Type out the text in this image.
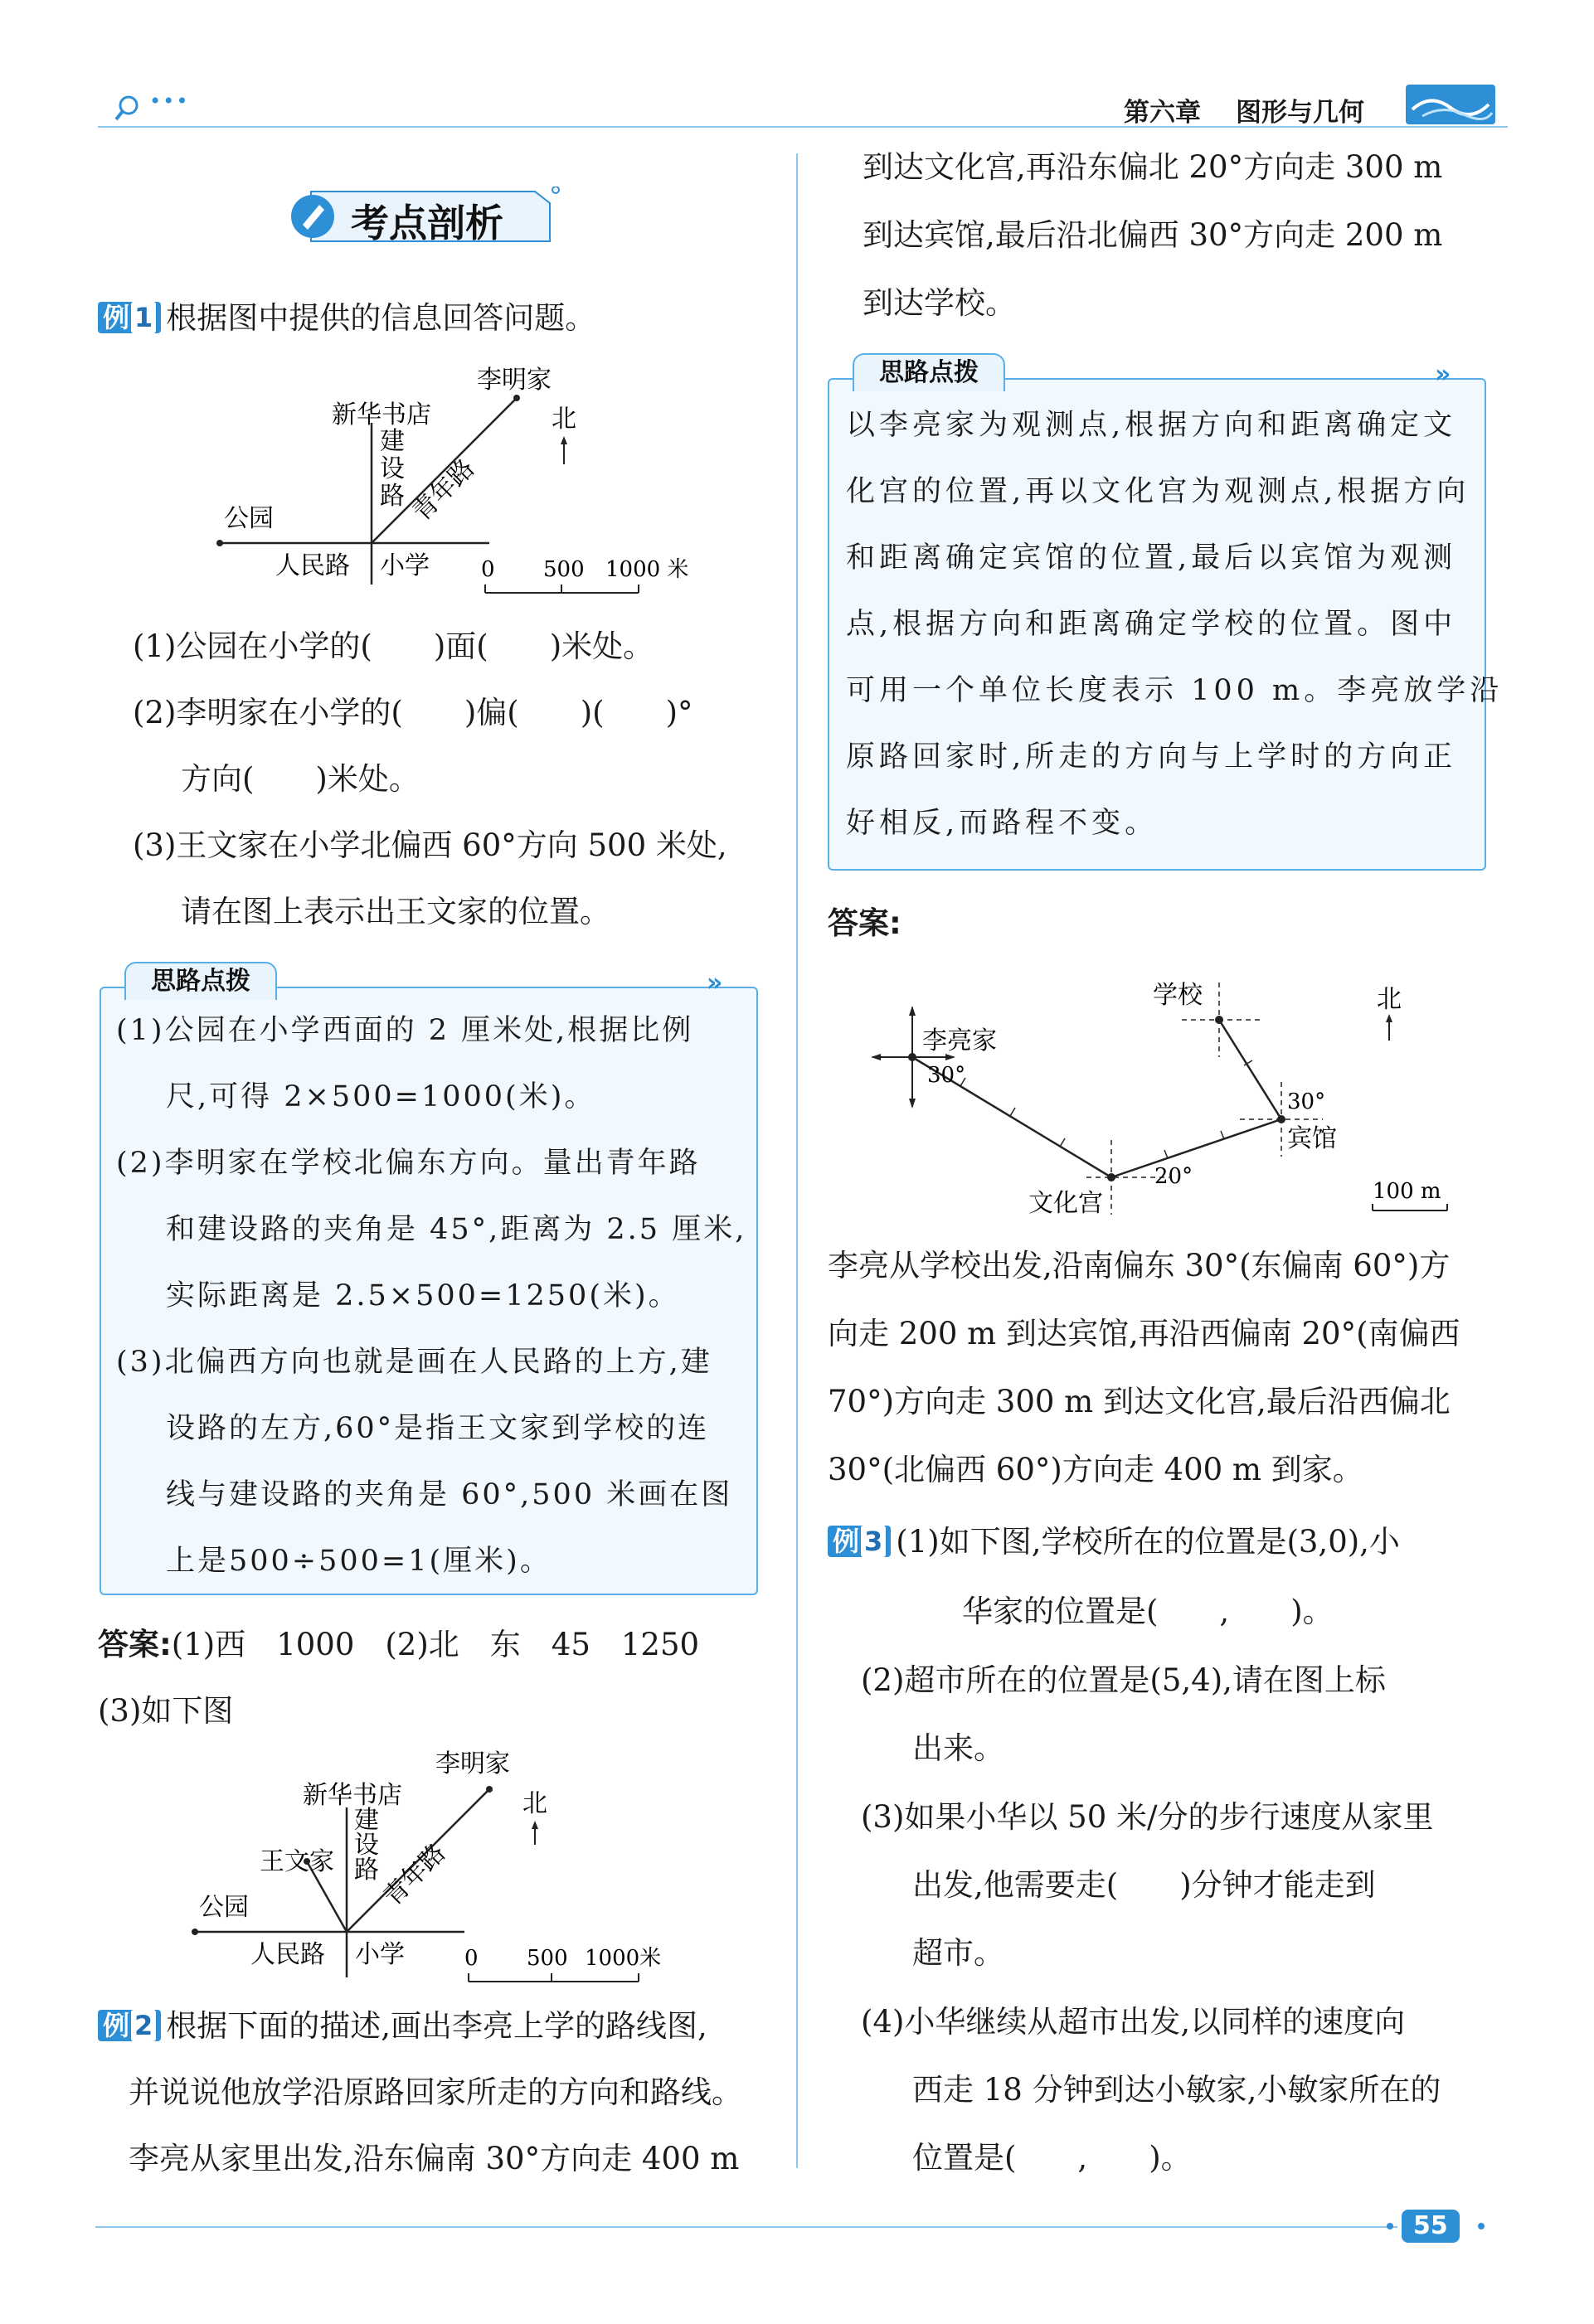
•••	第六章 图形与几何
考点剖析
例 1 根据图中提供的信息回答问题。
李明家
新华书店	北
建设路 青年路
公园
人民路 小学 0 500 1000 米
(1)公园在小学的(　　)面(　　)米处。
(2)李明家在小学的(　　)偏(　　)(　　)°
方向(　　)米处。
(3)王文家在小学北偏西 60°方向 500 米处,
请在图上表示出王文家的位置。
思路点拨	»
(1)公园在小学西面的 2 厘米处,根据比例
尺,可得 2×500=1000(米)。
(2)李明家在学校北偏东方向。量出青年路
和建设路的夹角是 45°,距离为 2.5 厘米,
实际距离是 2.5×500=1250(米)。
(3)北偏西方向也就是画在人民路的上方,建
设路的左方,60°是指王文家到学校的连
线与建设路的夹角是 60°,500 米画在图
上是500÷500=1(厘米)。
答案:(1)西　1000　(2)北　东　45　1250
(3)如下图
李明家
新华书店	北
建设路
青年路
王文家
公园
人民路 小学	0 500 1000米
例 2 根据下面的描述,画出李亮上学的路线图,
并说说他放学沿原路回家所走的方向和路线。
李亮从家里出发,沿东偏南 30°方向走 400 m
到达文化宫,再沿东偏北 20°方向走 300 m
到达宾馆,最后沿北偏西 30°方向走 200 m
到达学校。
思路点拨	»
以李亮家为观测点,根据方向和距离确定文
化宫的位置,再以文化宫为观测点,根据方向
和距离确定宾馆的位置,最后以宾馆为观测
点,根据方向和距离确定学校的位置。图中
可用一个单位长度表示 100 m。李亮放学沿
原路回家时,所走的方向与上学时的方向正
好相反,而路程不变。
答案:
李亮家
30°
学校	北
30°
宾馆
文化宫
20°
100 m
李亮从学校出发,沿南偏东 30°(东偏南 60°)方
向走 200 m 到达宾馆,再沿西偏南 20°(南偏西
70°)方向走 300 m 到达文化宫,最后沿西偏北
30°(北偏西 60°)方向走 400 m 到家。
例 3 (1)如下图,学校所在的位置是(3,0),小
华家的位置是(　　,　　)。
(2)超市所在的位置是(5,4),请在图上标
出来。
(3)如果小华以 50 米/分的步行速度从家里
出发,他需要走(　　)分钟才能走到
超市。
(4)小华继续从超市出发,以同样的速度向
西走 18 分钟到达小敏家,小敏家所在的
位置是(　　,　　)。
55
